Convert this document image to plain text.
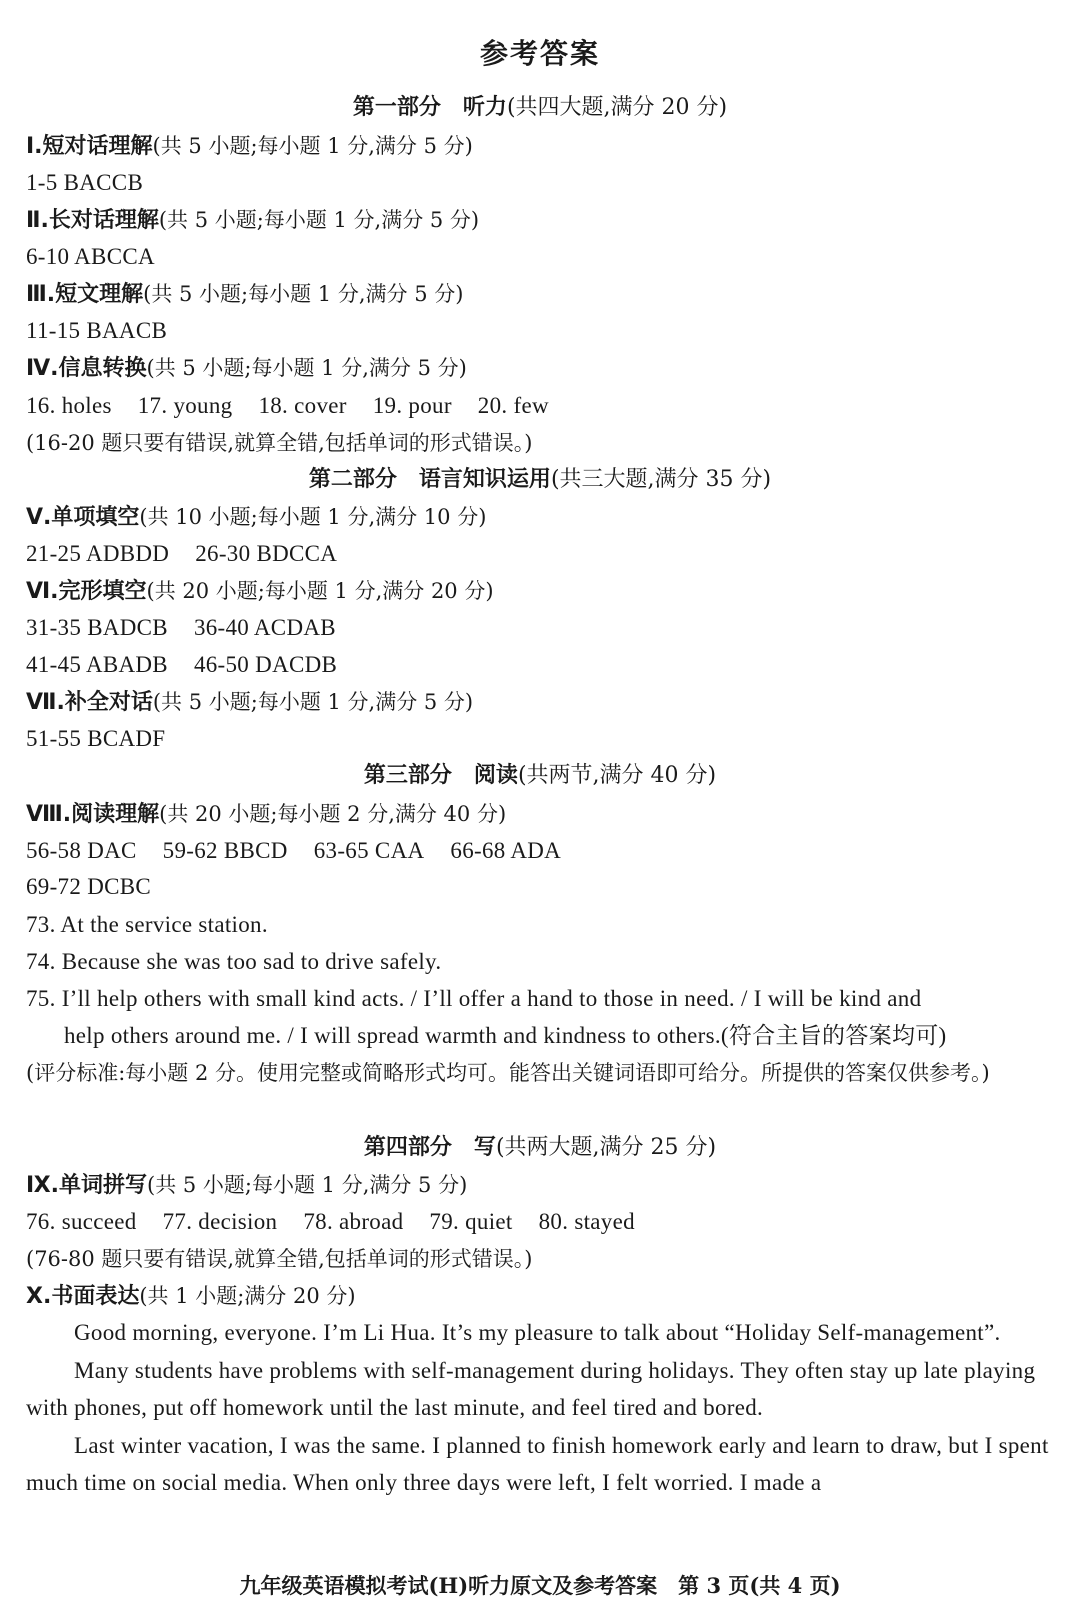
参考答案
第一部分　听力(共四大题,满分 20 分)
Ⅰ.短对话理解(共 5 小题;每小题 1 分,满分 5 分)
1-5 BACCB
Ⅱ.长对话理解(共 5 小题;每小题 1 分,满分 5 分)
6-10 ABCCA
Ⅲ.短文理解(共 5 小题;每小题 1 分,满分 5 分)
11-15 BAACB
Ⅳ.信息转换(共 5 小题;每小题 1 分,满分 5 分)
16. holes 17. young 18. cover 19. pour 20. few
(16-20 题只要有错误,就算全错,包括单词的形式错误。)
第二部分　语言知识运用(共三大题,满分 35 分)
Ⅴ.单项填空(共 10 小题;每小题 1 分,满分 10 分)
21-25 ADBDD 26-30 BDCCA
Ⅵ.完形填空(共 20 小题;每小题 1 分,满分 20 分)
31-35 BADCB 36-40 ACDAB
41-45 ABADB 46-50 DACDB
Ⅶ.补全对话(共 5 小题;每小题 1 分,满分 5 分)
51-55 BCADF
第三部分　阅读(共两节,满分 40 分)
Ⅷ.阅读理解(共 20 小题;每小题 2 分,满分 40 分)
56-58 DAC 59-62 BBCD 63-65 CAA 66-68 ADA
69-72 DCBC
73. At the service station.
74. Because she was too sad to drive safely.
75. I’ll help others with small kind acts. / I’ll offer a hand to those in need. / I will be kind and
help others around me. / I will spread warmth and kindness to others.(符合主旨的答案均可)
(评分标准:每小题 2 分。使用完整或简略形式均可。能答出关键词语即可给分。所提供的答案仅供参考。)
第四部分　写(共两大题,满分 25 分)
Ⅸ.单词拼写(共 5 小题;每小题 1 分,满分 5 分)
76. succeed 77. decision 78. abroad 79. quiet 80. stayed
(76-80 题只要有错误,就算全错,包括单词的形式错误。)
Ⅹ.书面表达(共 1 小题;满分 20 分)
Good morning, everyone. I’m Li Hua. It’s my pleasure to talk about “Holiday Self-management”.
Many students have problems with self-management during holidays. They often stay up late playing with phones, put off homework until the last minute, and feel tired and bored.
Last winter vacation, I was the same. I planned to finish homework early and learn to draw, but I spent much time on social media. When only three days were left, I felt worried. I made a
九年级英语模拟考试(H)听力原文及参考答案　第 3 页(共 4 页)
